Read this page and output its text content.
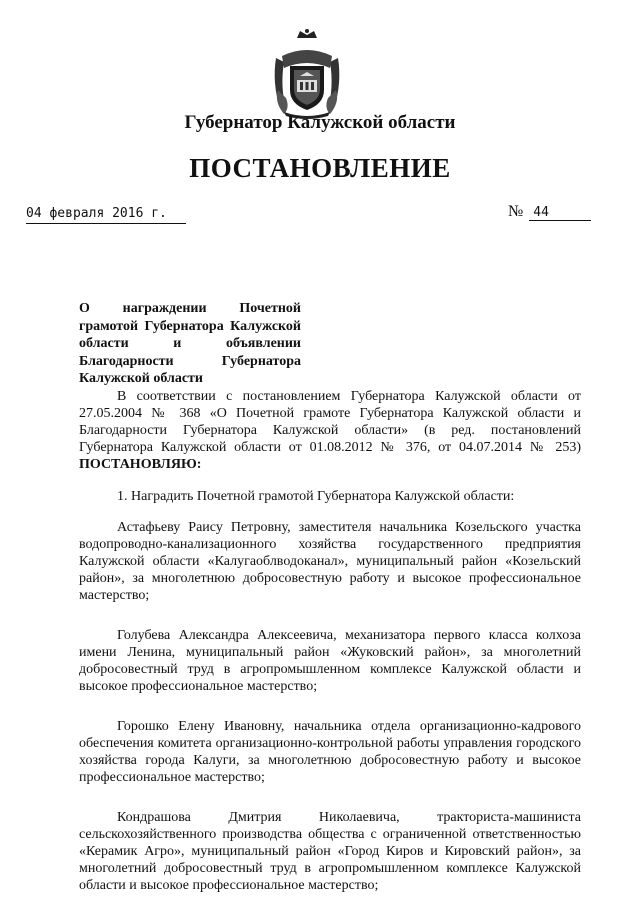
Губернатор Калужской области
ПОСТАНОВЛЕНИЕ
04 февраля 2016 г.	№ 44
О награждении Почетной грамотой Губернатора Калужской области и объявлении Благодарности Губернатора Калужской области

В соответствии с постановлением Губернатора Калужской области от 27.05.2004 № 368 «О Почетной грамоте Губернатора Калужской области и Благодарности Губернатора Калужской области» (в ред. постановлений Губернатора Калужской области от 01.08.2012 № 376, от 04.07.2014 № 253) ПОСТАНОВЛЯЮ:

1. Наградить Почетной грамотой Губернатора Калужской области:

Астафьеву Раису Петровну, заместителя начальника Козельского участка водопроводно-канализационного хозяйства государственного предприятия Калужской области «Калугаоблводоканал», муниципальный район «Козельский район», за многолетнюю добросовестную работу и высокое профессиональное мастерство;

Голубева Александра Алексеевича, механизатора первого класса колхоза имени Ленина, муниципальный район «Жуковский район», за многолетний добросовестный труд в агропромышленном комплексе Калужской области и высокое профессиональное мастерство;

Горошко Елену Ивановну, начальника отдела организационно-кадрового обеспечения комитета организационно-контрольной работы управления городского хозяйства города Калуги, за многолетнюю добросовестную работу и высокое профессиональное мастерство;

Кондрашова Дмитрия Николаевича, тракториста-машиниста сельскохозяйственного производства общества с ограниченной ответственностью «Керамик Агро», муниципальный район «Город Киров и Кировский район», за многолетний добросовестный труд в агропромышленном комплексе Калужской области и высокое профессиональное мастерство;
